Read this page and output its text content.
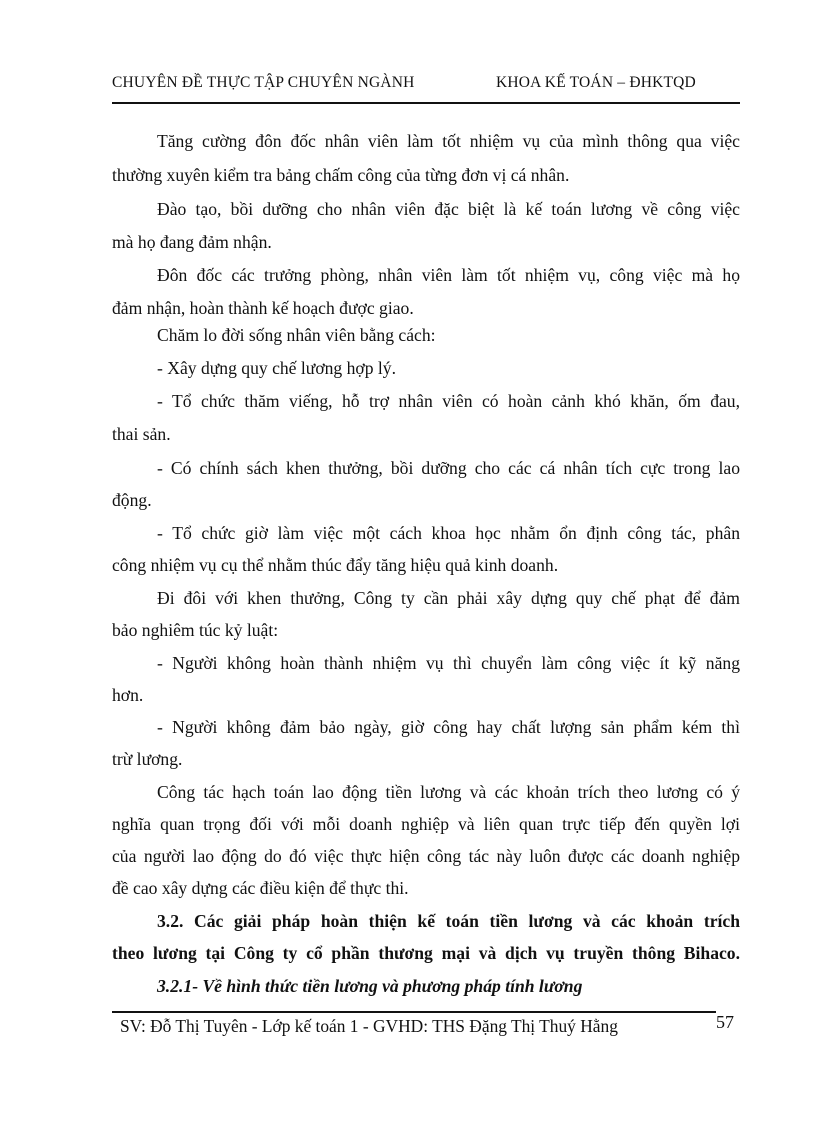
CHUYÊN ĐỀ THỰC TẬP CHUYÊN NGÀNH	KHOA KẾ TOÁN – ĐHKTQD
Tăng cường đôn đốc nhân viên làm tốt nhiệm vụ của mình thông qua việc
thường xuyên kiểm tra bảng chấm công của từng đơn vị cá nhân.
Đào tạo, bồi dưỡng cho nhân viên đặc biệt là kế toán lương về công việc
mà họ đang đảm nhận.
Đôn đốc các trưởng phòng, nhân viên làm tốt nhiệm vụ, công việc mà họ
đảm nhận, hoàn thành kế hoạch được giao.
Chăm lo đời sống nhân viên bằng cách:
- Xây dựng quy chế lương hợp lý.
- Tổ chức thăm viếng, hỗ trợ nhân viên có hoàn cảnh khó khăn, ốm đau,
thai sản.
- Có chính sách khen thưởng, bồi dưỡng cho các cá nhân tích cực trong lao
động.
- Tổ chức giờ làm việc một cách khoa học nhằm ổn định công tác, phân
công nhiệm vụ cụ thể nhằm thúc đẩy tăng hiệu quả kinh doanh.
Đi đôi với khen thưởng, Công ty cần phải xây dựng quy chế phạt để đảm
bảo nghiêm túc kỷ luật:
- Người không hoàn thành nhiệm vụ thì chuyển làm công việc ít kỹ năng
hơn.
- Người không đảm bảo ngày, giờ công hay chất lượng sản phẩm kém thì
trừ lương.
Công tác hạch toán lao động tiền lương và các khoản trích theo lương có ý
nghĩa quan trọng đối với mỗi doanh nghiệp và liên quan trực tiếp đến quyền lợi
của người lao động do đó việc thực hiện công tác này luôn được các doanh nghiệp
đề cao xây dựng các điều kiện để thực thi.
3.2. Các giải pháp hoàn thiện kế toán tiền lương và các khoản trích
theo lương tại Công ty cổ phần thương mại và dịch vụ truyền thông Bihaco.
3.2.1- Về hình thức tiền lương và phương pháp tính lương
SV: Đỗ Thị Tuyên - Lớp kế toán 1 - GVHD: THS Đặng Thị Thuý Hằng	57
